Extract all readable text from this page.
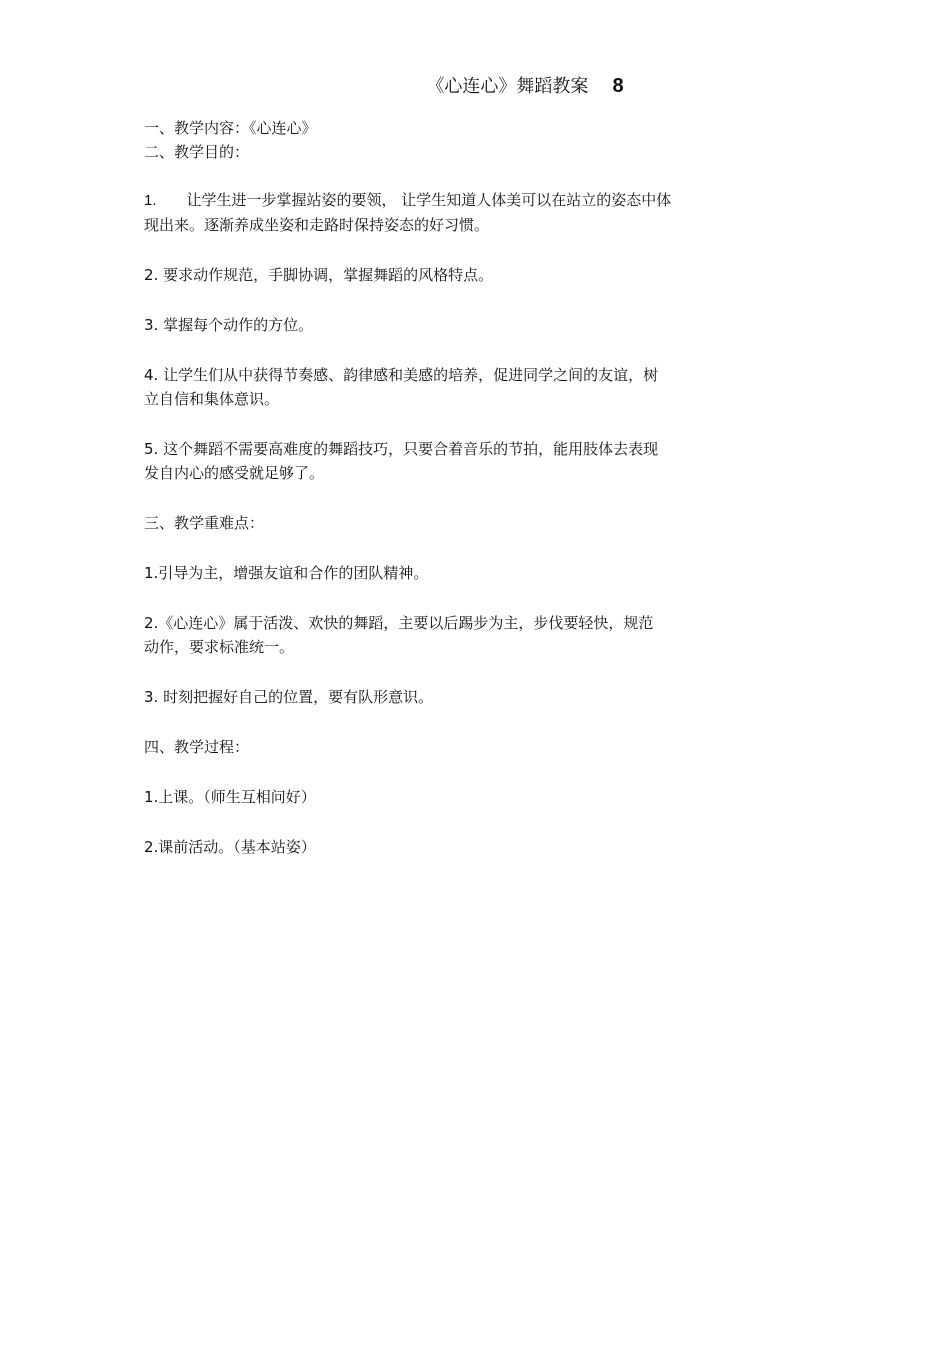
《心连心》舞蹈教案 8

一、教学内容：《心连心》

二、教学目的：

1. 让学生进一步掌握站姿的要领， 让学生知道人体美可以在站立的姿态中体

现出来。逐渐养成坐姿和走路时保持姿态的好习惯。

2. 要求动作规范，手脚协调，掌握舞蹈的风格特点。

3. 掌握每个动作的方位。

4. 让学生们从中获得节奏感、韵律感和美感的培养，促进同学之间的友谊，树

立自信和集体意识。

5. 这个舞蹈不需要高难度的舞蹈技巧，只要合着音乐的节拍，能用肢体去表现

发自内心的感受就足够了。

三、教学重难点：

1.引导为主，增强友谊和合作的团队精神。

2.《心连心》属于活泼、欢快的舞蹈，主要以后踢步为主，步伐要轻快，规范

动作，要求标准统一。

3. 时刻把握好自己的位置，要有队形意识。

四、教学过程：

1.上课。（师生互相问好）

2.课前活动。（基本站姿）
